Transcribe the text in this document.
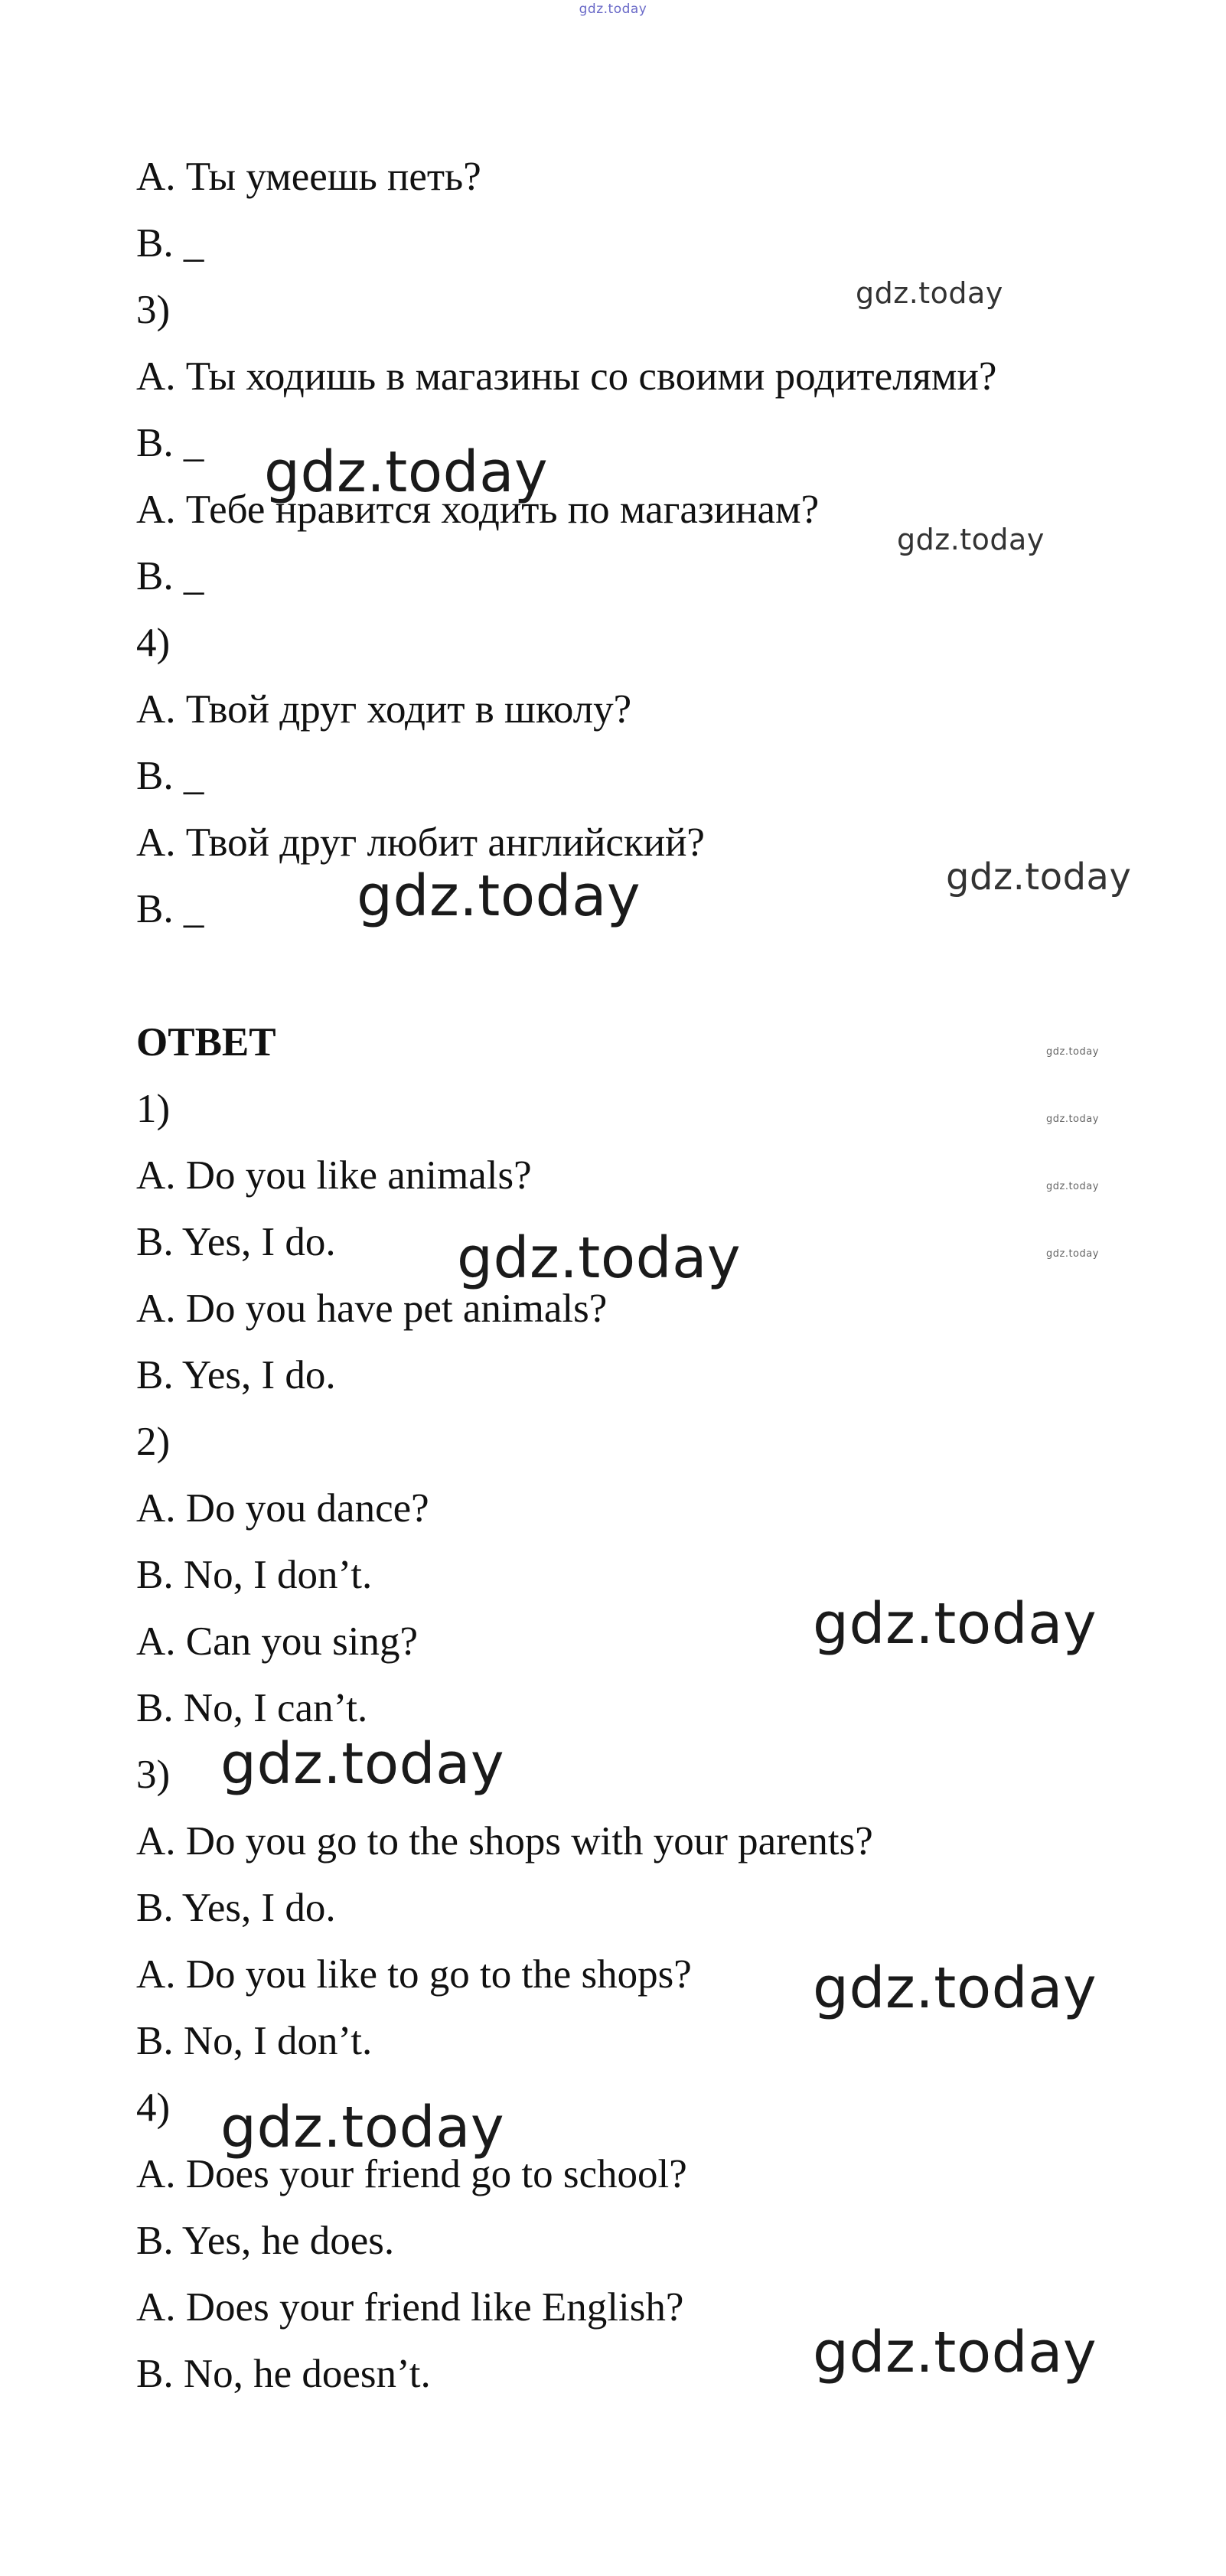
gdz.today
A. Ты умеешь петь?
B. _
3)
A. Ты ходишь в магазины со своими родителями?
B. _
A. Тебе нравится ходить по магазинам?
B. _
4)
A. Твой друг ходит в школу?
B. _
A. Твой друг любит английский?
B. _
ОТВЕТ
1)
A. Do you like animals?
B. Yes, I do.
A. Do you have pet animals?
B. Yes, I do.
2)
A. Do you dance?
B. No, I don’t.
A. Can you sing?
B. No, I can’t.
3)
A. Do you go to the shops with your parents?
B. Yes, I do.
A. Do you like to go to the shops?
B. No, I don’t.
4)
A. Does your friend go to school?
B. Yes, he does.
A. Does your friend like English?
B. No, he doesn’t.
gdz.today
gdz.today
gdz.today
gdz.today
gdz.today
gdz.today
gdz.today
gdz.today
gdz.today
gdz.today
gdz.today
gdz.today
gdz.today
gdz.today
gdz.today
